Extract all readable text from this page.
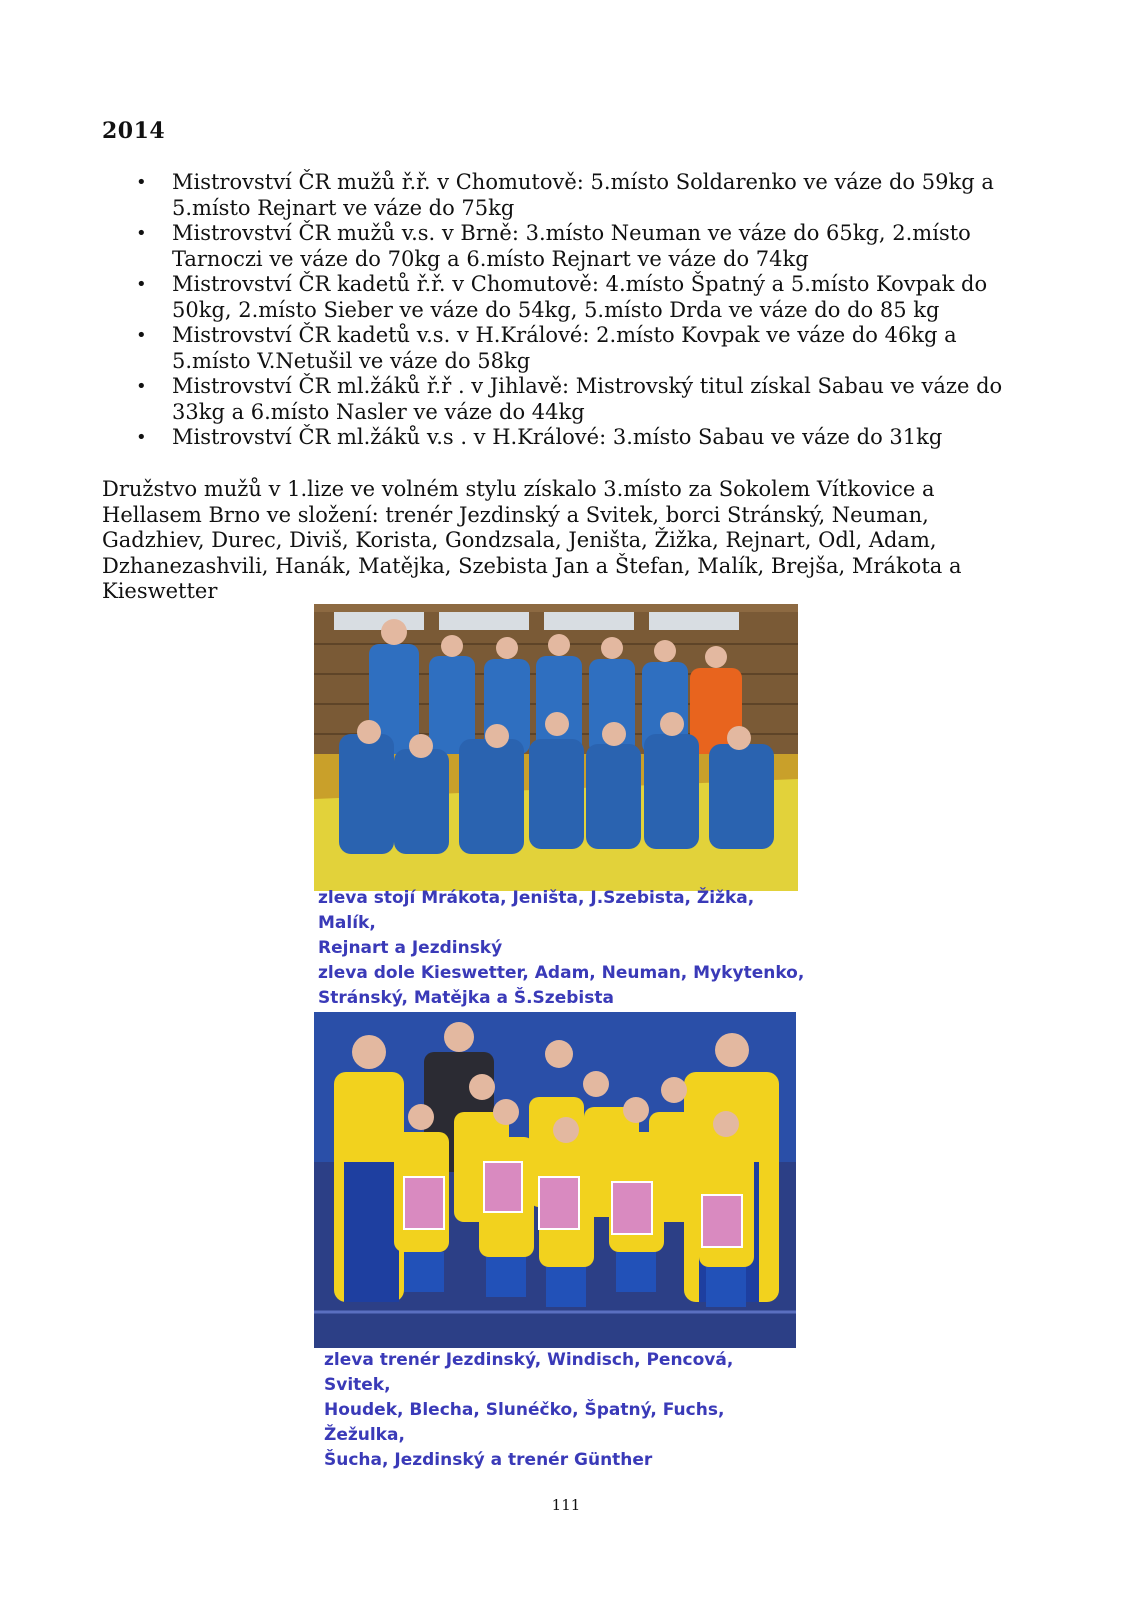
2014
• Mistrovství ČR mužů ř.ř. v Chomutově: 5.místo Soldarenko ve váze do 59kg a 5.místo Rejnart ve váze do 75kg
• Mistrovství ČR mužů v.s. v Brně: 3.místo Neuman ve váze do 65kg, 2.místo Tarnoczi ve váze do 70kg a 6.místo Rejnart ve váze do 74kg
• Mistrovství ČR kadetů ř.ř. v Chomutově: 4.místo Špatný a 5.místo Kovpak do 50kg, 2.místo Sieber ve váze do 54kg, 5.místo Drda ve váze do do 85 kg
• Mistrovství ČR kadetů v.s. v H.Králové: 2.místo Kovpak ve váze do 46kg a 5.místo V.Netušil ve váze do 58kg
• Mistrovství ČR ml.žáků ř.ř . v Jihlavě: Mistrovský titul získal Sabau ve váze do 33kg a 6.místo Nasler ve váze do 44kg
• Mistrovství ČR ml.žáků v.s . v H.Králové: 3.místo Sabau ve váze do 31kg

Družstvo mužů v 1.lize ve volném stylu získalo 3.místo za Sokolem Vítkovice a Hellasem Brno ve složení: trenér Jezdinský a Svitek, borci Stránský, Neuman, Gadzhiev, Durec, Diviš, Korista, Gondzsala, Jeništa, Žižka, Rejnart, Odl, Adam, Dzhanezashvili, Hanák, Matějka, Szebista Jan a Štefan, Malík, Brejša, Mrákota a Kieswetter

zleva stojí Mrákota, Jeništa, J.Szebista, Žižka, Malík,
Rejnart a Jezdinský
zleva dole Kieswetter, Adam, Neuman, Mykytenko,
Stránský, Matějka a Š.Szebista
zleva trenér Jezdinský, Windisch, Pencová, Svitek,
Houdek, Blecha, Slunéčko, Špatný, Fuchs, Žežulka,
Šucha, Jezdinský a trenér Günther
111
